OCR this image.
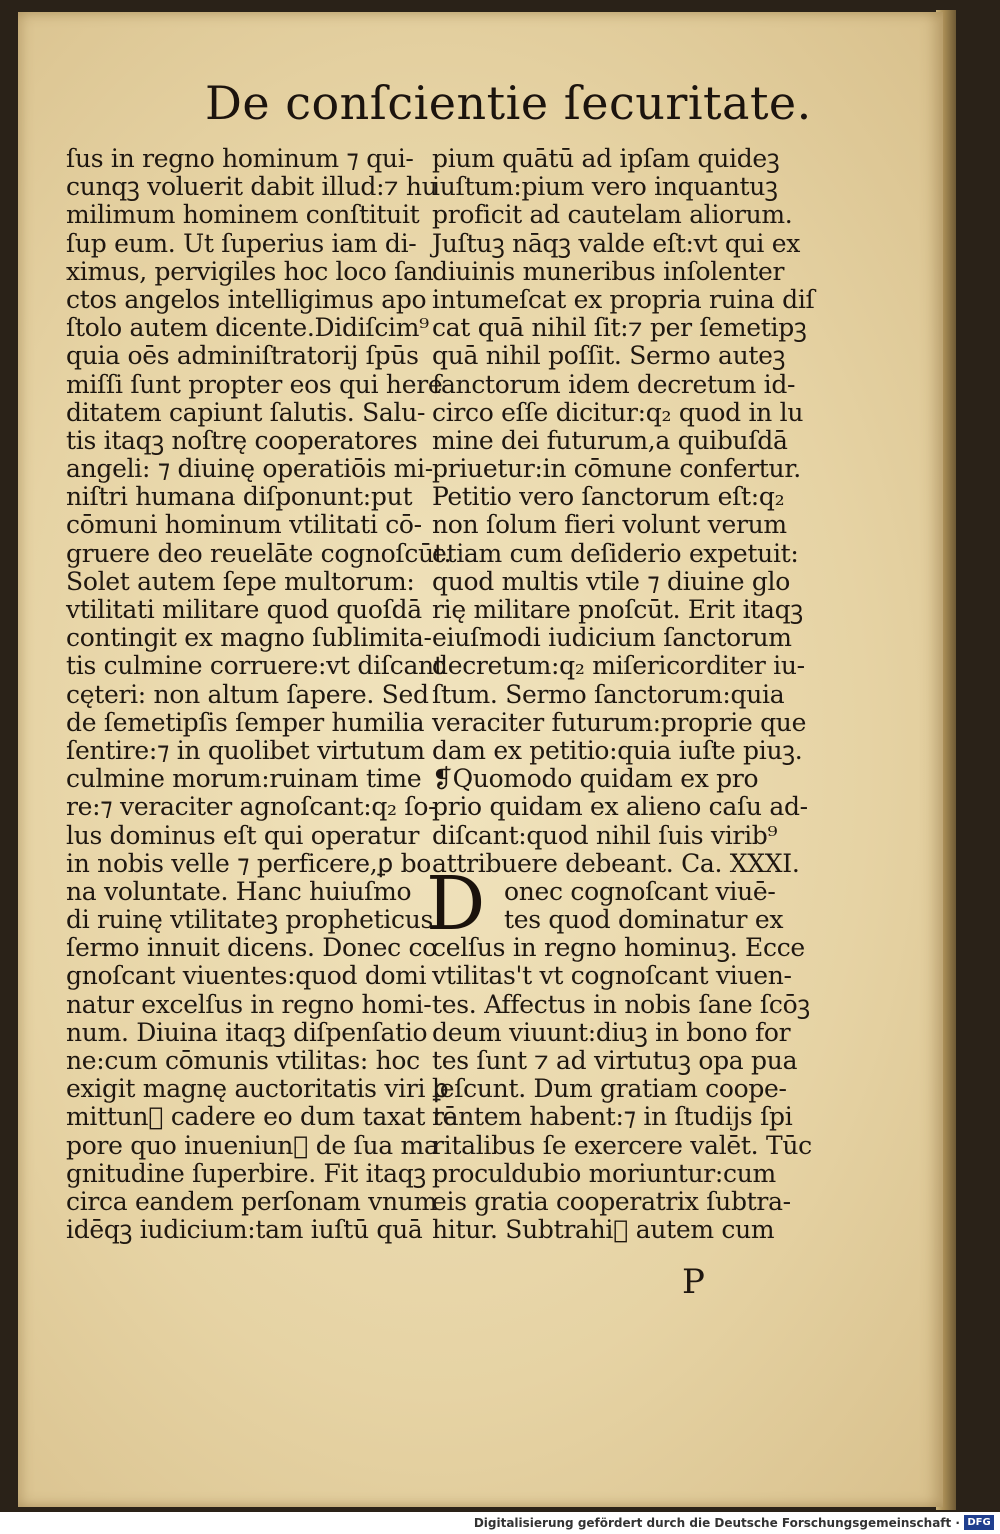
De conſcientie ſecuritate.
ſus in regno hominum ⁊ qui‑
cunqꝫ voluerit dabit illud:⁊ hu
milimum hominem conſtituit
ſup eum. Ut ſuperius iam di‑
ximus, pervigiles hoc loco ſan
ctos angelos intelligimus apo
ſtolo autem dicente.Didiſcim⁹
quia oēs adminiſtratorij ſpūs
miſſi ſunt propter eos qui here
ditatem capiunt ſalutis. Salu‑
tis itaqꝫ noſtrę cooperatores
angeli: ⁊ diuinę operatiōis mi‑
niſtri humana diſponunt:put
cōmuni hominum vtilitati cō‑
gruere deo reuelāte cognoſcūt.
Solet autem ſepe multorum:
vtilitati militare quod quoſdā
contingit ex magno ſublimita‑
tis culmine corruere:vt diſcant
cęteri: non altum ſapere. Sed
de ſemetipſis ſemper humilia
ſentire:⁊ in quolibet virtutum
culmine morum:ruinam time
re:⁊ veraciter agnoſcant:q₂ ſo‑
lus dominus eſt qui operatur
in nobis velle ⁊ perficere,ꝑ bo
na voluntate. Hanc huiuſmo
di ruinę vtilitateꝫ propheticus
ſermo innuit dicens. Donec co
gnoſcant viuentes:quod domi
natur excelſus in regno homi‑
num. Diuina itaqꝫ diſpenſatio
ne:cum cōmunis vtilitas: hoc
exigit magnę auctoritatis viri ꝑ
mittunᷣ cadere eo dum taxat tē
pore quo inueniunᷣ de ſua ma
gnitudine ſuperbire. Fit itaqꝫ
circa eandem perſonam vnum
idēqꝫ iudicium:tam iuſtū quā
pium quātū ad ipſam quideꝫ
iuſtum:pium vero inquantuꝫ
proficit ad cautelam aliorum.
Juſtuꝫ nāqꝫ valde eſt:vt qui ex
diuinis muneribus inſolenter
intumeſcat ex propria ruina diſ
cat quā nihil ſit:⁊ per ſemetipꝫ
quā nihil poſſit. Sermo auteꝫ
ſanctorum idem decretum id‑
circo eſſe dicitur:q₂ quod in lu
mine dei futurum,a quibuſdā
priuetur:in cōmune confertur.
Petitio vero ſanctorum eſt:q₂
non ſolum fieri volunt verum
etiam cum deſiderio expetuit:
quod multis vtile ⁊ diuine glo
rię militare pnoſcūt. Erit itaqꝫ
eiuſmodi iudicium ſanctorum
decretum:q₂ miſericorditer iu‑
ſtum. Sermo ſanctorum:quia
veraciter futurum:proprie que
dam ex petitio:quia iuſte piuꝫ.
❡Quomodo quidam ex pro
prio quidam ex alieno caſu ad‑
diſcant:quod nihil ſuis virib⁹
attribuere debeant. Ca. XXXI.
D onec cognoſcant viuē‑
tes quod dominatur ex
celſus in regno hominuꝫ. Ecce
vtilitas't vt cognoſcant viuen‑
tes. Affectus in nobis ſane ſcōꝫ
deum viuunt:diuꝫ in bono for
tes ſunt ⁊ ad virtutuꝫ opa pua
leſcunt. Dum gratiam coope‑
rantem habent:⁊ in ſtudijs ſpi
ritalibus ſe exercere valēt. Tūc
proculdubio moriuntur:cum
eis gratia cooperatrix ſubtra‑
hitur. Subtrahiᷣ autem cum
P
Digitalisierung gefördert durch die Deutsche Forschungsgemeinschaft · DFG
